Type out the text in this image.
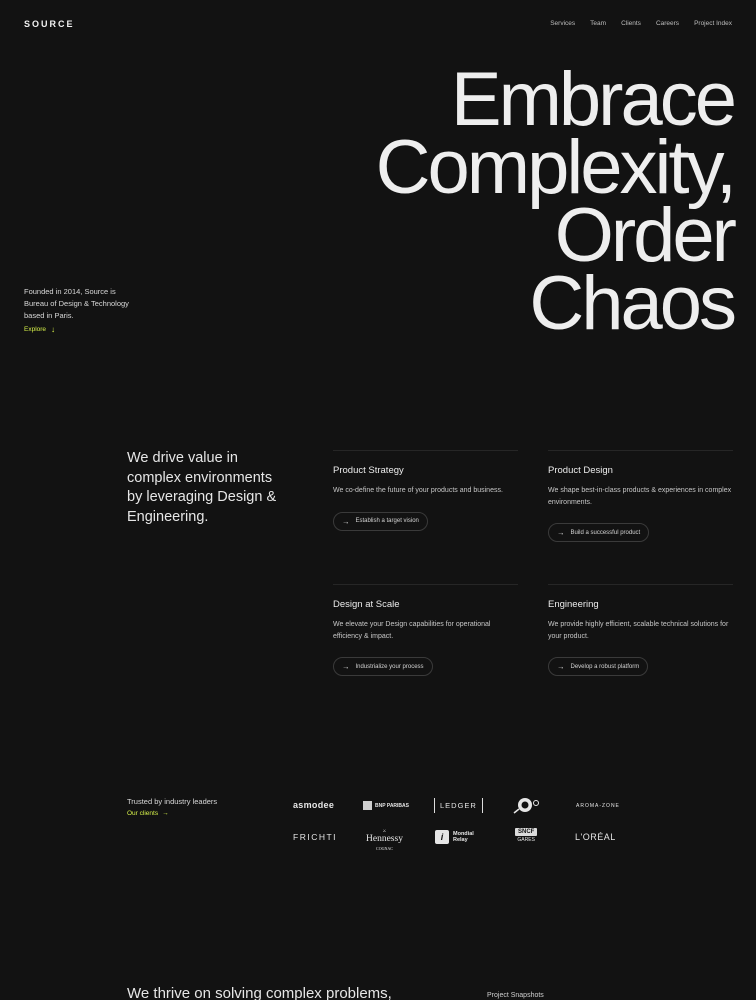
SOURCE	Services Team Clients Careers Project Index
Embrace
Complexity,
Order
Chaos

Founded in 2014, Source is Bureau of Design & Technology based in Paris.

Explore ↓

We drive value in complex environments by leveraging Design & Engineering.

Product Strategy

We co-define the future of your products and business.

→ Establish a target vision
Product Design

We shape best-in-class products & experiences in complex environments.

→ Build a successful product
Design at Scale

We elevate your Design capabilities for operational efficiency & impact.

→ Industrialize your process
Engineering

We provide highly efficient, scalable technical solutions for your product.

→ Develop a robust platform
Trusted by industry leaders
Our clients →
asmodee	BNP PARIBAS	LEDGER	AROMA-ZONE
FRICHTI
⚔
Hennessy
COGNAC
i	Mondial
Relay
SNCF
GARES	L'ORÉAL
We thrive on solving complex problems,	Project Snapshots
